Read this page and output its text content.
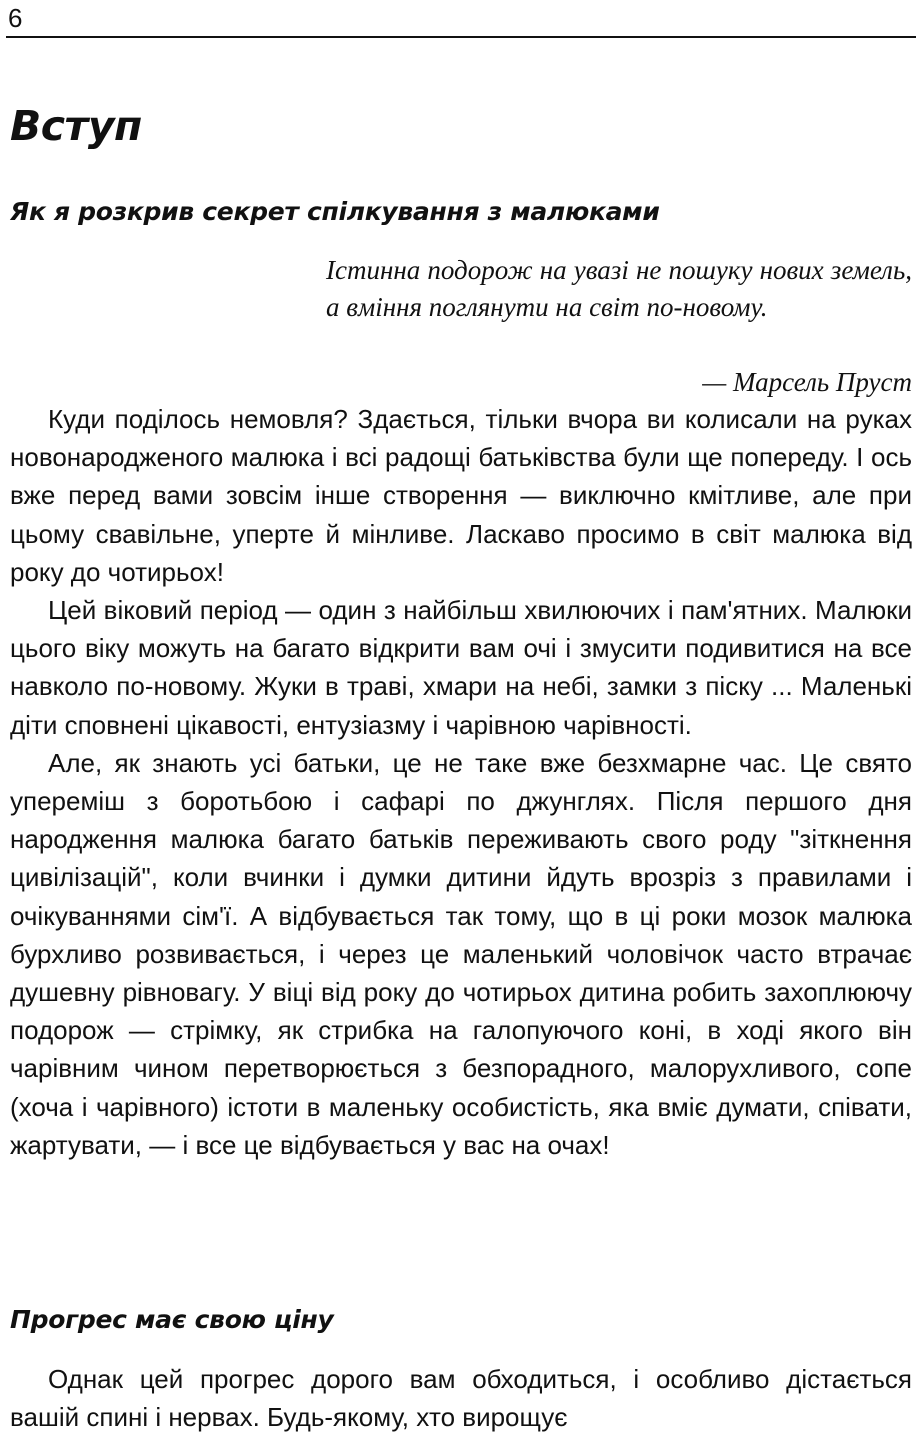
6
Вступ
Як я розкрив секрет спілкування з малюками

Істинна подорож на увазі не пошуку нових земель, а вміння поглянути на світ по-новому.

— Марсель Пруст

Куди поділось немовля? Здається, тільки вчора ви колисали на руках новонародженого малюка і всі радощі батьківства були ще попереду. І ось вже перед вами зовсім інше створення — виключно кмітливе, але при цьому свавільне, уперте й мінливе. Ласкаво просимо в світ малюка від року до чотирьох!

Цей віковий період — один з найбільш хвилюючих і пам'ятних. Малюки цього віку можуть на багато відкрити вам очі і змусити подивитися на все навколо по-новому. Жуки в траві, хмари на небі, замки з піску ... Маленькі діти сповнені цікавості, ентузіазму і чарівною чарівності.

Але, як знають усі батьки, це не таке вже безхмарне час. Це свято упереміш з боротьбою і сафарі по джунглях. Після першого дня народження малюка багато батьків переживають свого роду "зіткнення цивілізацій", коли вчинки і думки дитини йдуть врозріз з правилами і очікуваннями сім'ї. А відбувається так тому, що в ці роки мозок малюка бурхливо розвивається, і через це маленький чоловічок часто втрачає душевну рівновагу. У віці від року до чотирьох дитина робить захоплюючу подорож — стрімку, як стрибка на галопуючого коні, в ході якого він чарівним чином перетворюється з безпорадного, малорухливого, сопе (хоча і чарівного) істоти в маленьку особистість, яка вміє думати, співати, жартувати, — і все це відбувається у вас на очах!

Прогрес має свою ціну

Однак цей прогрес дорого вам обходиться, і особливо дістається вашій спині і нервах. Будь-якому, хто вирощує
